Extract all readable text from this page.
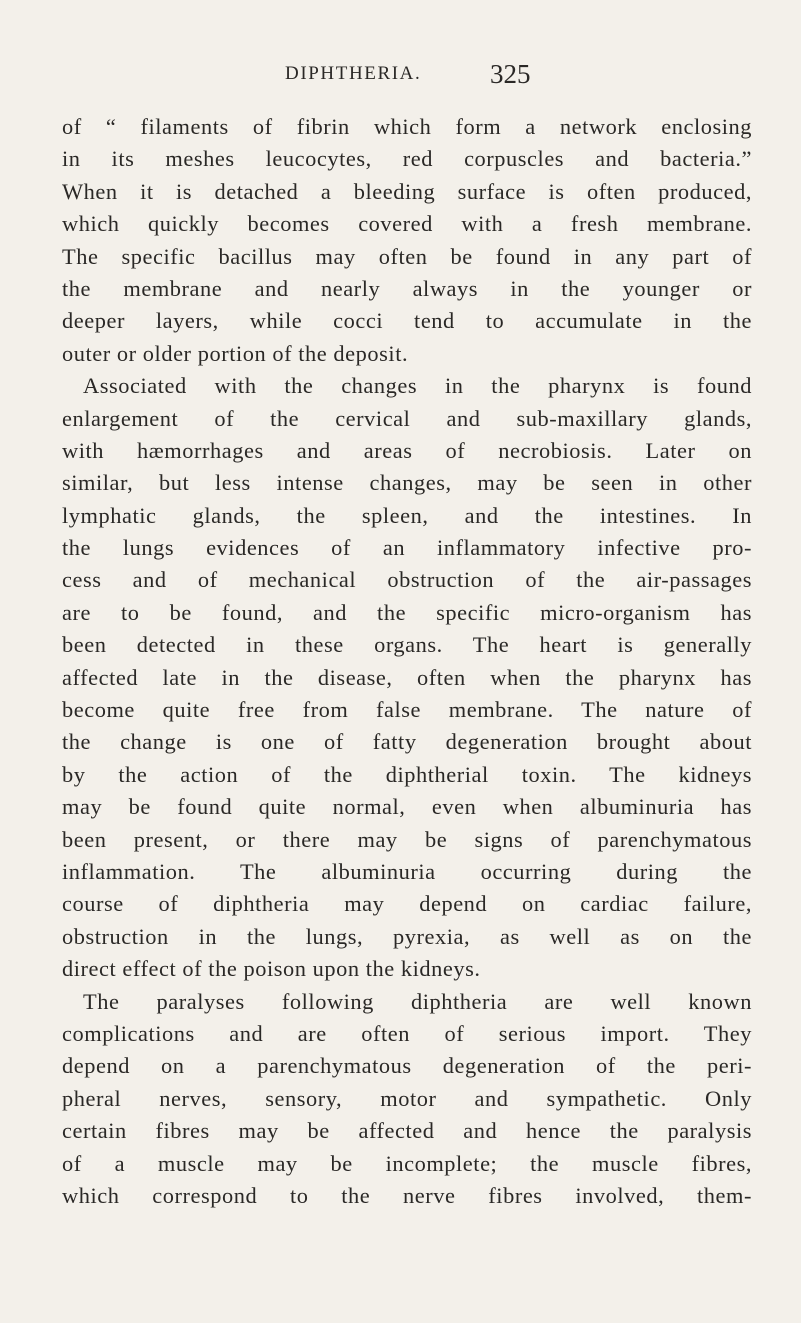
DIPHTHERIA.	325
of “ filaments of fibrin which form a network enclosing
in its meshes leucocytes, red corpuscles and bacteria.”
When it is detached a bleeding surface is often produced,
which quickly becomes covered with a fresh membrane.
The specific bacillus may often be found in any part of
the membrane and nearly always in the younger or
deeper layers, while cocci tend to accumulate in the
outer or older portion of the deposit.
Associated with the changes in the pharynx is found
enlargement of the cervical and sub-maxillary glands,
with hæmorrhages and areas of necrobiosis. Later on
similar, but less intense changes, may be seen in other
lymphatic glands, the spleen, and the intestines. In
the lungs evidences of an inflammatory infective pro-
cess and of mechanical obstruction of the air-passages
are to be found, and the specific micro-organism has
been detected in these organs. The heart is generally
affected late in the disease, often when the pharynx has
become quite free from false membrane. The nature of
the change is one of fatty degeneration brought about
by the action of the diphtherial toxin. The kidneys
may be found quite normal, even when albuminuria has
been present, or there may be signs of parenchymatous
inflammation. The albuminuria occurring during the
course of diphtheria may depend on cardiac failure,
obstruction in the lungs, pyrexia, as well as on the
direct effect of the poison upon the kidneys.
The paralyses following diphtheria are well known
complications and are often of serious import. They
depend on a parenchymatous degeneration of the peri-
pheral nerves, sensory, motor and sympathetic. Only
certain fibres may be affected and hence the paralysis
of a muscle may be incomplete; the muscle fibres,
which correspond to the nerve fibres involved, them-
